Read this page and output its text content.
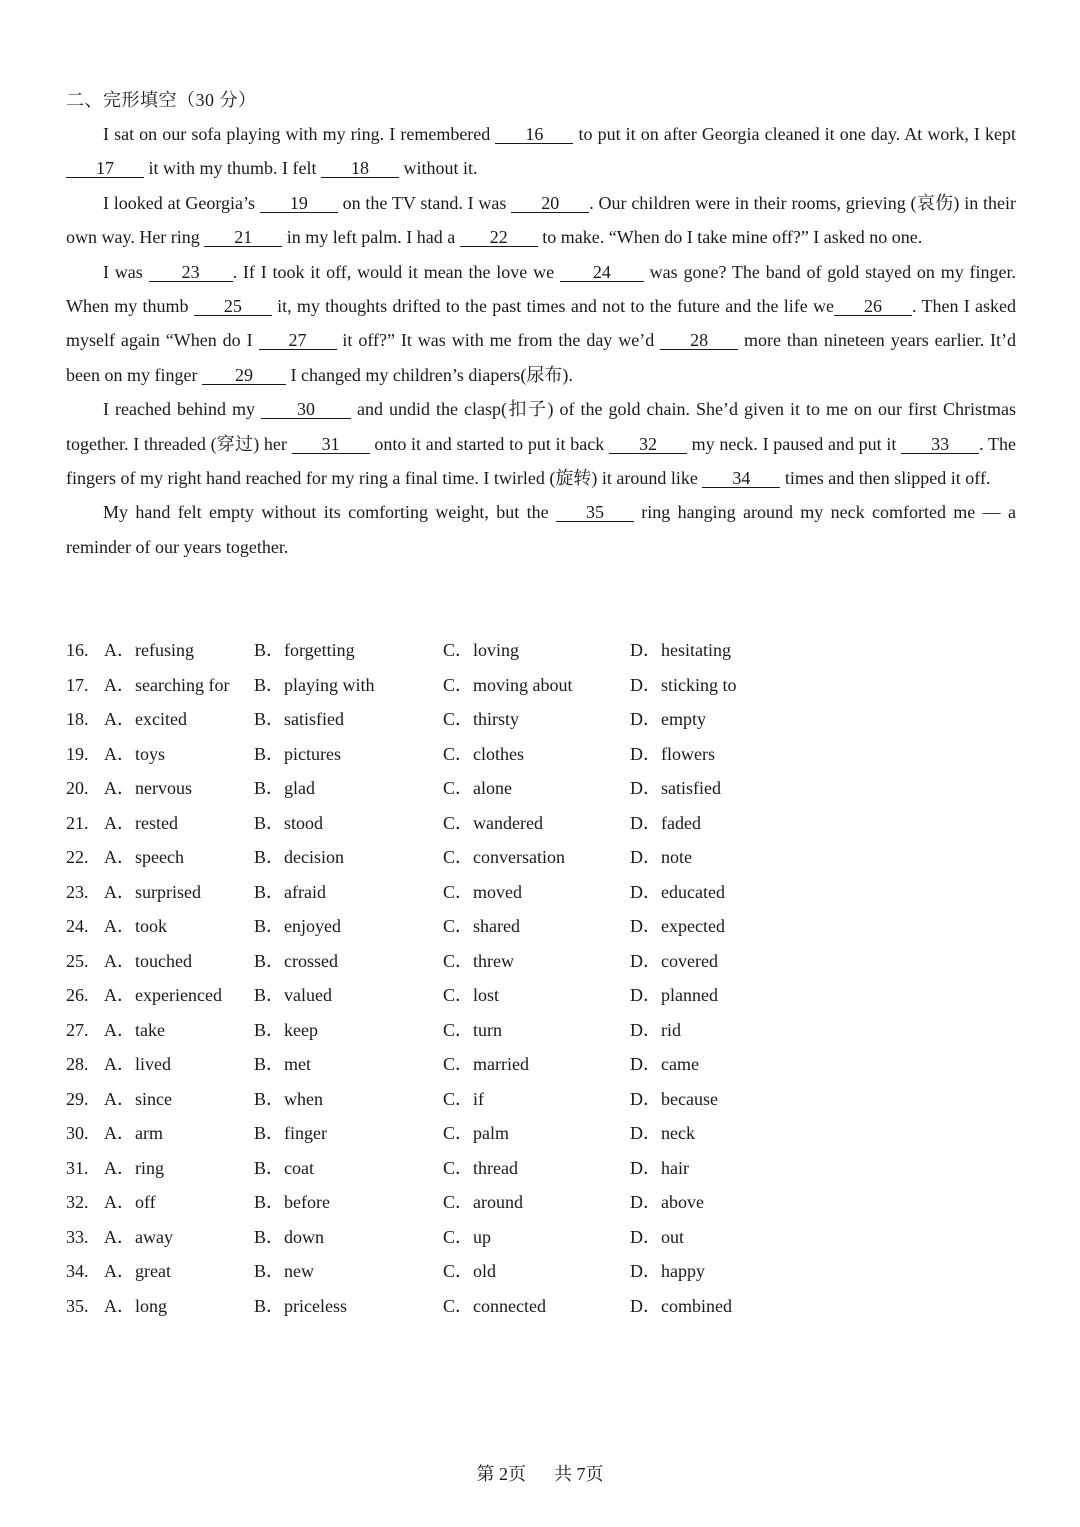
二、完形填空（30 分）

I sat on our sofa playing with my ring. I remembered 16 to put it on after Georgia cleaned it one day. At work, I kept 17 it with my thumb. I felt 18 without it.

I looked at Georgia’s 19 on the TV stand. I was 20 . Our children were in their rooms, grieving (哀伤) in their own way. Her ring 21 in my left palm. I had a 22 to make. “When do I take mine off?” I asked no one.

I was 23 . If I took it off, would it mean the love we 24 was gone? The band of gold stayed on my finger. When my thumb 25 it, my thoughts drifted to the past times and not to the future and the life we 26 . Then I asked myself again “When do I 27 it off?” It was with me from the day we’d 28 more than nineteen years earlier. It’d been on my finger 29 I changed my children’s diapers(尿布).

I reached behind my 30 and undid the clasp(扣子) of the gold chain. She’d given it to me on our first Christmas together. I threaded (穿过) her 31 onto it and started to put it back 32 my neck. I paused and put it 33 . The fingers of my right hand reached for my ring a final time. I twirled (旋转) it around like 34 times and then slipped it off.

My hand felt empty without its comforting weight, but the 35 ring hanging around my neck comforted me — a reminder of our years together.

16. A．refusing	B．forgetting	C．loving	D．hesitating
17. A．searching for B．playing with	C．moving about	D．sticking to
18. A．excited	B．satisfied	C．thirsty	D．empty
19. A．toys	B．pictures	C．clothes	D．flowers
20. A．nervous	B．glad	C．alone	D．satisfied
21. A．rested	B．stood	C．wandered	D．faded
22. A．speech	B．decision	C．conversation	D．note
23. A．surprised	B．afraid	C．moved	D．educated
24. A．took	B．enjoyed	C．shared	D．expected
25. A．touched	B．crossed	C．threw	D．covered
26. A．experienced B．valued	C．lost	D．planned
27. A．take	B．keep	C．turn	D．rid
28. A．lived	B．met	C．married	D．came
29. A．since	B．when	C．if	D．because
30. A．arm	B．finger	C．palm	D．neck
31. A．ring	B．coat	C．thread	D．hair
32. A．off	B．before	C．around	D．above
33. A．away	B．down	C．up	D．out
34. A．great	B．new	C．old	D．happy
35. A．long	B．priceless	C．connected	D．combined
第 2页 共 7页
